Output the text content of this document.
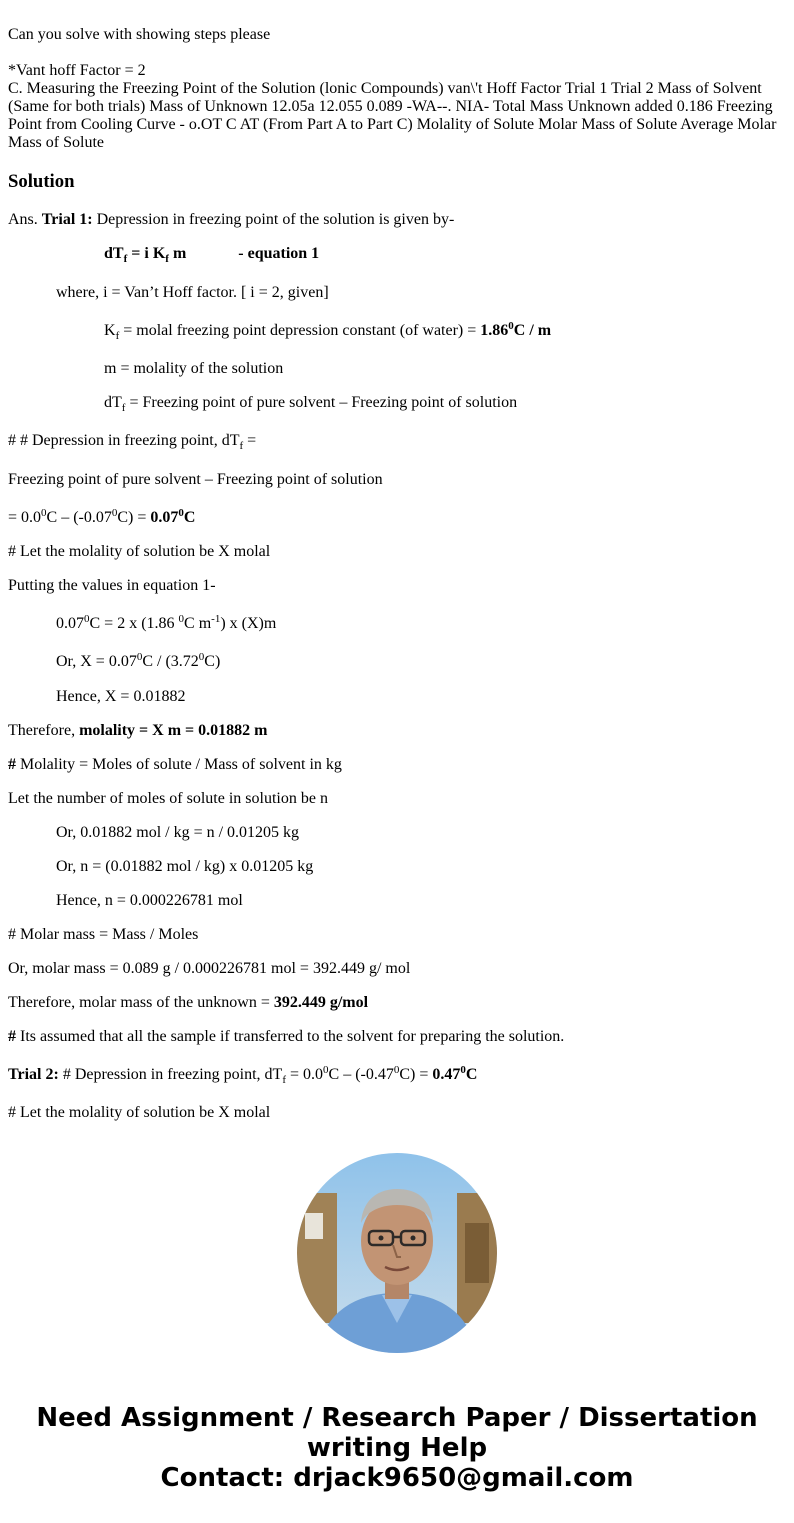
Can you solve with showing steps please
*Vant hoff Factor = 2
C. Measuring the Freezing Point of the Solution (lonic Compounds) van\'t Hoff Factor Trial 1 Trial 2 Mass of Solvent (Same for both trials) Mass of Unknown 12.05a 12.055 0.089 -WA--. NIA- Total Mass Unknown added 0.186 Freezing Point from Cooling Curve - o.OT C AT (From Part A to Part C) Molality of Solute Molar Mass of Solute Average Molar Mass of Solute
Solution
Ans. Trial 1: Depression in freezing point of the solution is given by-
$dT_f = i$ $K_f$ m	- equation 1
where, i = Van’t Hoff factor. [ i = 2, given]
$K_f$ = molal freezing point depression constant (of water) = $1.86^0C$ / m
m = molality of the solution
$dT_f$ = Freezing point of pure solvent – Freezing point of solution
# # Depression in freezing point, $dT_f$ =
Freezing point of pure solvent – Freezing point of solution
= $0.0^0C - (-0.07^0C) = 0.07^0C$
# Let the molality of solution be X molal
Putting the values in equation 1-
$0.07^0C = 2$ x (1.86 $^0$C $m^{-1}$) x (X)m
Or, $X = 0.07^0C / (3.72^0C)$
Hence, X = 0.01882
Therefore, molality = X m = 0.01882 m
# Molality = Moles of solute / Mass of solvent in kg
Let the number of moles of solute in solution be n
Or, 0.01882 mol / kg = n / 0.01205 kg
Or, n = (0.01882 mol / kg) x 0.01205 kg
Hence, n = 0.000226781 mol
# Molar mass = Mass / Moles
Or, molar mass = 0.089 g / 0.000226781 mol = 392.449 g/ mol
Therefore, molar mass of the unknown = 392.449 g/mol
# Its assumed that all the sample if transferred to the solvent for preparing the solution.
Trial 2: # Depression in freezing point, $dT_f = 0.0^0C - (-0.47^0C) = 0.47^0C$
# Let the molality of solution be X molal
Need Assignment / Research Paper / Dissertation
writing Help
Contact: drjack9650@gmail.com
